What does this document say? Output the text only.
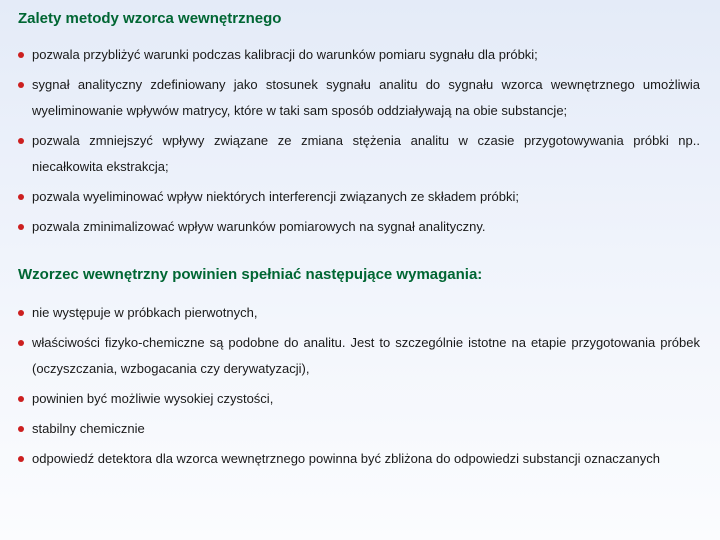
Zalety metody wzorca wewnętrznego
pozwala przybliżyć warunki podczas kalibracji do warunków pomiaru sygnału dla próbki;
sygnał analityczny zdefiniowany jako stosunek sygnału analitu do sygnału wzorca wewnętrznego umożliwia wyeliminowanie wpływów matrycy, które w taki sam sposób oddziaływają na obie substancje;
pozwala zmniejszyć wpływy związane ze zmiana stężenia analitu w czasie przygotowywania próbki np.. niecałkowita ekstrakcja;
pozwala wyeliminować wpływ niektórych interferencji związanych ze składem próbki;
pozwala zminimalizować wpływ warunków pomiarowych na sygnał analityczny.
Wzorzec wewnętrzny powinien spełniać następujące wymagania:
nie występuje w próbkach pierwotnych,
właściwości fizyko-chemiczne są podobne do analitu. Jest to szczególnie istotne na etapie przygotowania próbek (oczyszczania, wzbogacania czy derywatyzacji),
powinien być możliwie wysokiej czystości,
stabilny chemicznie
odpowiedź detektora dla wzorca wewnętrznego powinna być zbliżona do odpowiedzi substancji oznaczanych
